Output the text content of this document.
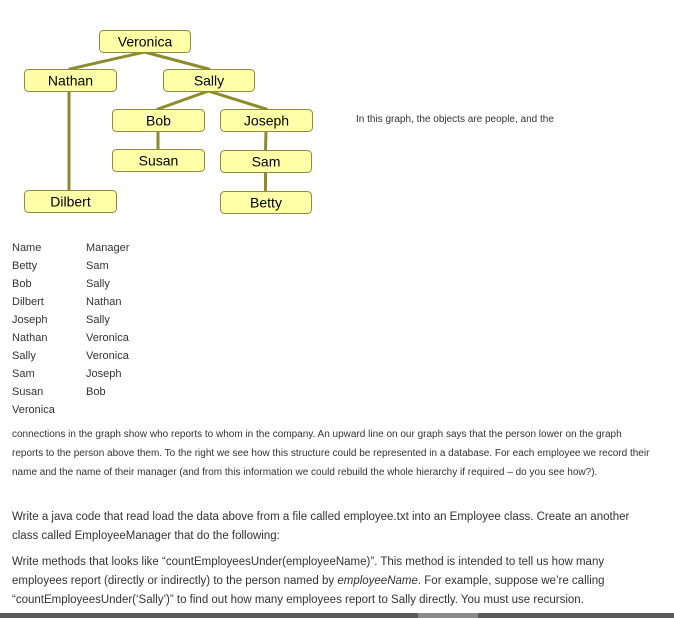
Veronica
Nathan	Sally
Bob	Joseph
Susan	Sam
Dilbert	Betty
In this graph, the objects are people, and the
Name	Manager
Betty	Sam
Bob	Sally
Dilbert	Nathan
Joseph	Sally
Nathan	Veronica
Sally	Veronica
Sam	Joseph
Susan	Bob
Veronica	

connections in the graph show who reports to whom in the company. An upward line on our graph says that the person lower on the graph reports to the person above them. To the right we see how this structure could be represented in a database. For each employee we record their name and the name of their manager (and from this information we could rebuild the whole hierarchy if required – do you see how?).

Write a java code that read load the data above from a file called employee.txt into an Employee class. Create an another class called EmployeeManager that do the following:

Write methods that looks like “countEmployeesUnder(employeeName)”. This method is intended to tell us how many employees report (directly or indirectly) to the person named by employeeName. For example, suppose we’re calling “countEmployeesUnder(‘Sally’)” to find out how many employees report to Sally directly. You must use recursion.
